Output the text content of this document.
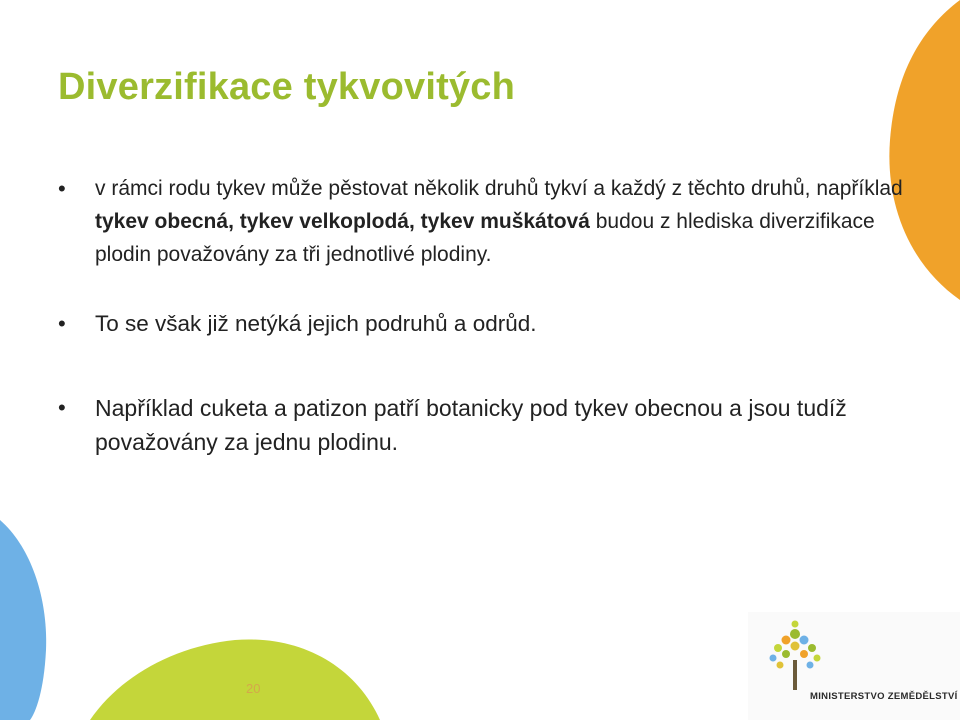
Diverzifikace tykvovitých
• v rámci rodu tykev může pěstovat několik druhů tykví a každý z těchto druhů, například tykev obecná, tykev velkoplodá, tykev muškátová budou z hlediska diverzifikace plodin považovány za tři jednotlivé plodiny.
• To se však již netýká jejich podruhů a odrůd.
• Například cuketa a patizon patří botanicky pod tykev obecnou a jsou tudíž považovány za jednu plodinu.
20
MINISTERSTVO ZEMĚDĚLSTVÍ
